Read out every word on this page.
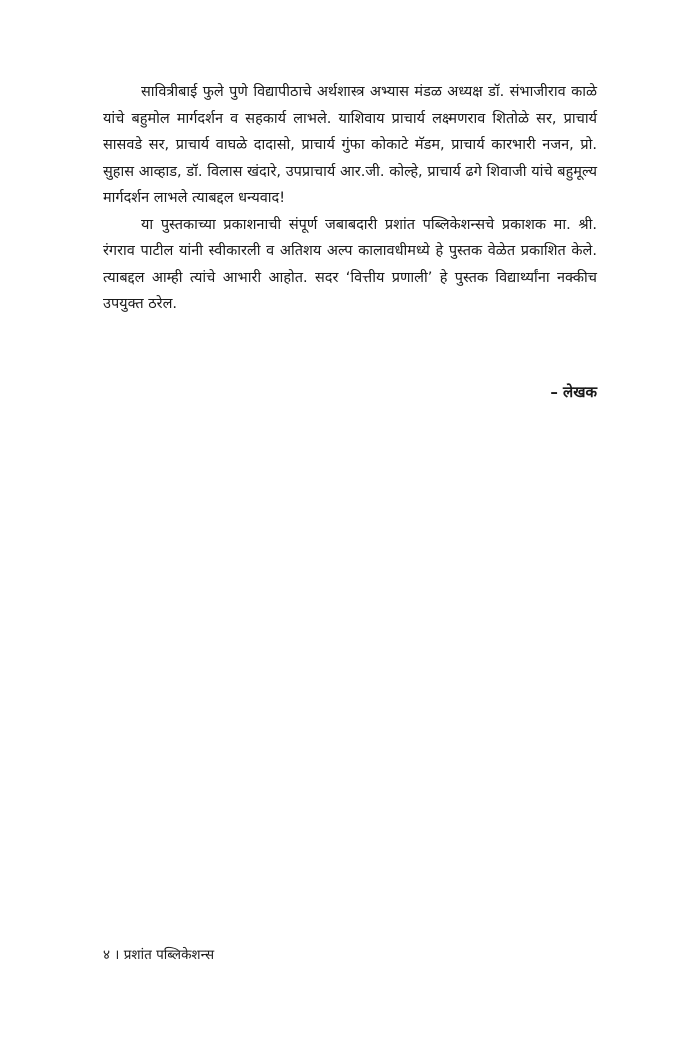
सावित्रीबाई फुले पुणे विद्यापीठाचे अर्थशास्त्र अभ्यास मंडळ अध्यक्ष डॉ. संभाजीराव काळे यांचे बहुमोल मार्गदर्शन व सहकार्य लाभले. याशिवाय प्राचार्य लक्ष्मणराव शितोळे सर, प्राचार्य सासवडे सर, प्राचार्य वाघळे दादासो, प्राचार्य गुंफा कोकाटे मॅडम, प्राचार्य कारभारी नजन, प्रो. सुहास आव्हाड, डॉ. विलास खंदारे, उपप्राचार्य आर.जी. कोल्हे, प्राचार्य ढगे शिवाजी यांचे बहुमूल्य मार्गदर्शन लाभले त्याबद्दल धन्यवाद!

या पुस्तकाच्या प्रकाशनाची संपूर्ण जबाबदारी प्रशांत पब्लिकेशन्सचे प्रकाशक मा. श्री. रंगराव पाटील यांनी स्वीकारली व अतिशय अल्प कालावधीमध्ये हे पुस्तक वेळेत प्रकाशित केले. त्याबद्दल आम्ही त्यांचे आभारी आहोत. सदर ‘वित्तीय प्रणाली’ हे पुस्तक विद्यार्थ्यांना नक्कीच उपयुक्त ठरेल.

– लेखक
४ । प्रशांत पब्लिकेशन्स
